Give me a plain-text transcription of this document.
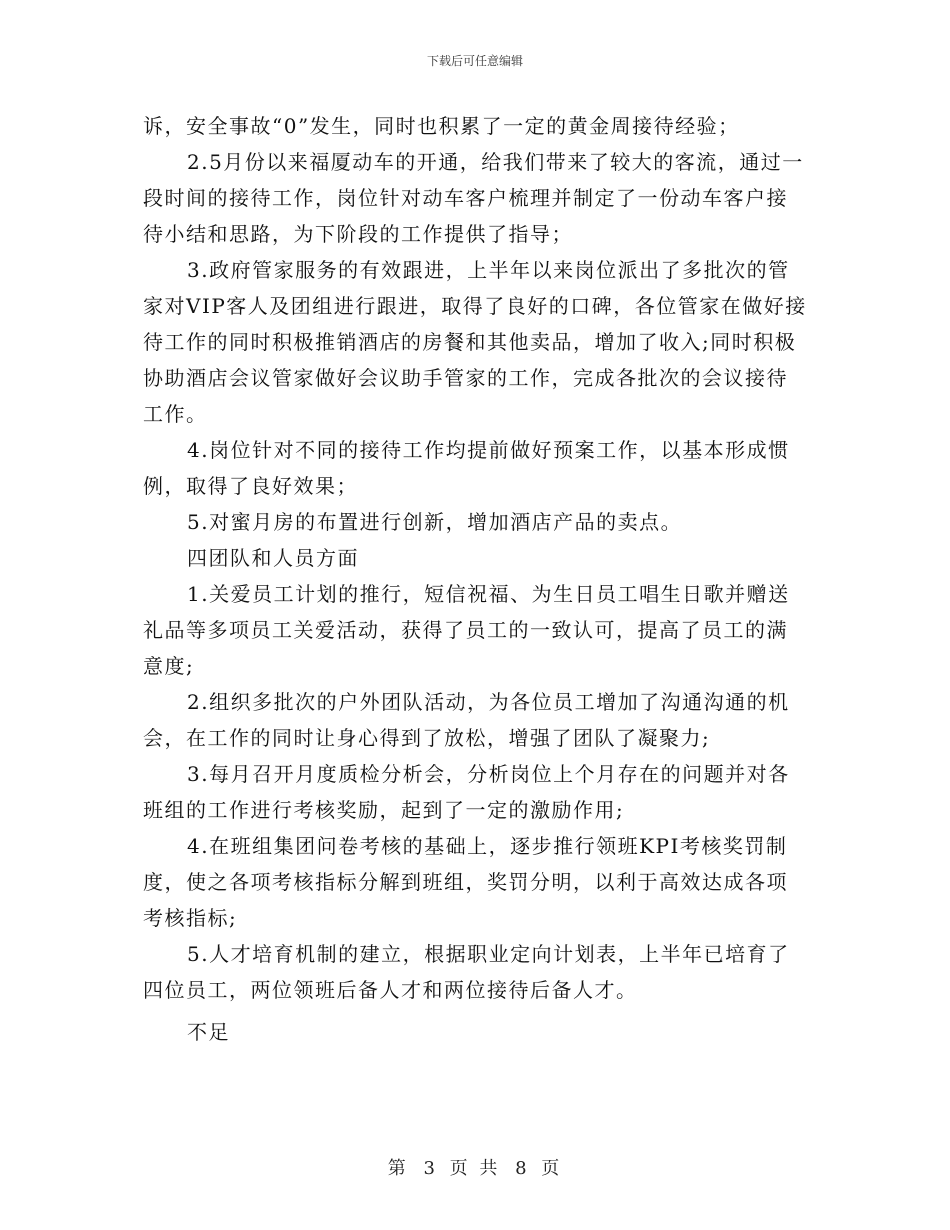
下载后可任意编辑

诉，安全事故“0”发生，同时也积累了一定的黄金周接待经验；

2.5月份以来福厦动车的开通，给我们带来了较大的客流，通过一段时间的接待工作，岗位针对动车客户梳理并制定了一份动车客户接待小结和思路，为下阶段的工作提供了指导；

3.政府管家服务的有效跟进，上半年以来岗位派出了多批次的管家对VIP客人及团组进行跟进，取得了良好的口碑，各位管家在做好接待工作的同时积极推销酒店的房餐和其他卖品，增加了收入;同时积极协助酒店会议管家做好会议助手管家的工作，完成各批次的会议接待工作。

4.岗位针对不同的接待工作均提前做好预案工作，以基本形成惯例，取得了良好效果；

5.对蜜月房的布置进行创新，增加酒店产品的卖点。

四团队和人员方面

1.关爱员工计划的推行，短信祝福、为生日员工唱生日歌并赠送礼品等多项员工关爱活动，获得了员工的一致认可，提高了员工的满意度;

2.组织多批次的户外团队活动，为各位员工增加了沟通沟通的机会，在工作的同时让身心得到了放松，增强了团队了凝聚力;

3.每月召开月度质检分析会，分析岗位上个月存在的问题并对各班组的工作进行考核奖励，起到了一定的激励作用;

4.在班组集团问卷考核的基础上，逐步推行领班KPI考核奖罚制度，使之各项考核指标分解到班组，奖罚分明，以利于高效达成各项考核指标;

5.人才培育机制的建立，根据职业定向计划表，上半年已培育了四位员工，两位领班后备人才和两位接待后备人才。

不足

第 3 页 共 8 页
